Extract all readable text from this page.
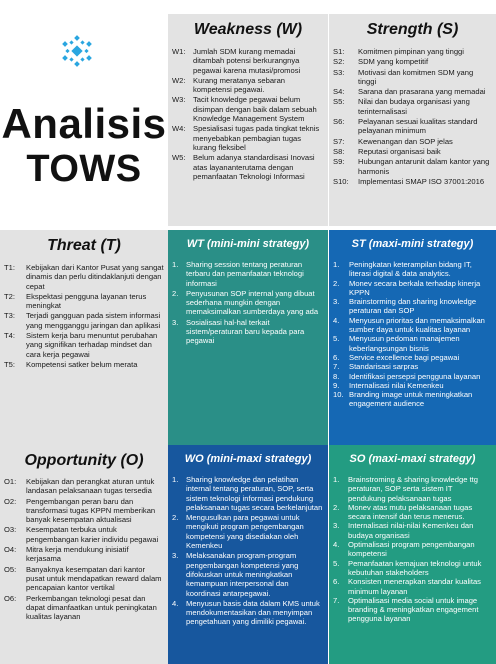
Analisis
TOWS
Weakness (W)
W1: Jumlah SDM kurang memadai ditambah potensi berkurangnya pegawai karena mutasi/promosi
W2: Kurang meratanya sebaran kompetensi pegawai.
W3: Tacit knowledge pegawai belum disimpan dengan baik dalam sebuah Knowledge Management System
W4: Spesialisasi tugas pada tingkat teknis menyebabkan pembagian tugas kurang fleksibel
W5: Belum adanya standardisasi Inovasi atas layananterutama dengan pemanfaatan Teknologi Informasi
Strength (S)
S1:	Komitmen pimpinan yang tinggi
S2:	SDM yang kompetitif
S3:	Motivasi dan komitmen SDM yang tinggi
S4:	Sarana dan prasarana yang memadai
S5:	Nilai dan budaya organisasi yang terinternalisasi
S6:	Pelayanan sesuai kualitas standard pelayanan minimum
S7:	Kewenangan dan SOP jelas
S8:	Reputasi organisasi baik
S9:	Hubungan antarunit dalam kantor yang harmonis
S10:	Implementasi SMAP ISO 37001:2016
Threat (T)
T1:	Kebijakan dari Kantor Pusat yang sangat dinamis dan perlu ditindaklanjuti dengan cepat
T2:	Ekspektasi pengguna layanan terus meningkat
T3:	Terjadi gangguan pada sistem informasi yang mengganggu jaringan dan aplikasi
T4:	Sistem kerja baru menuntut perubahan yang signifikan terhadap mindset dan cara kerja pegawai
T5:	Kompetensi satker belum merata
WT (mini-mini strategy)
1.	Sharing session tentang peraturan terbaru dan pemanfaatan teknologi informasi
2.	Penyusunan SOP internal yang dibuat sederhana mungkin dengan memaksimalkan sumberdaya yang ada
3.	Sosialisasi hal-hal terkait sistem/peraturan baru kepada para pegawai
ST (maxi-mini strategy)
1.	Peningkatan keterampilan bidang IT, literasi digital & data analytics.
2.	Monev secara berkala terhadap kinerja KPPN
3.	Brainstorming dan sharing knowledge peraturan dan SOP
4.	Menyusun prioritas dan memaksimalkan sumber daya untuk kualitas layanan
5.	Menyusun pedoman manajemen keberlangsungan bisnis
6.	Service excellence bagi pegawai
7.	Standarisasi sarpras
8.	Identifikasi persepsi pengguna layanan
9.	Internalisasi nilai Kemenkeu
10. Branding image untuk meningkatkan engagement audience
Opportunity (O)
O1:	Kebijakan dan perangkat aturan untuk landasan pelaksanaan tugas tersedia
O2:	Pengembangan peran baru dan transformasi tugas KPPN memberikan banyak kesempatan aktualisasi
O3:	Kesempatan terbuka untuk pengembangan karier individu pegawai
O4:	Mitra kerja mendukung inisiatif kerjasama
O5:	Banyaknya kesempatan dari kantor pusat untuk mendapatkan reward dalam pencapaian kantor vertikal
O6:	Perkembangan teknologi pesat dan dapat dimanfaatkan untuk peningkatan kualitas layanan
WO (mini-maxi strategy)
1.	Sharing knowledge dan pelatihan internal tentang peraturan, SOP, serta sistem teknologi informasi pendukung pelaksanaan tugas secara berkelanjutan
2.	Mengusulkan para pegawai untuk mengikuti program pengembangan kompetensi yang disediakan oleh Kemenkeu
3.	Melaksanakan program-program pengembangan kompetensi yang difokuskan untuk meningkatkan kemampuan interpersonal dan koordinasi antarpegawai.
4.	Menyusun basis data dalam KMS untuk mendokumentasikan dan menyimpan pengetahuan yang dimiliki pegawai.
SO (maxi-maxi strategy)
1.	Brainstroming & sharing knowledge ttg peraturan, SOP serta sistem IT pendukung pelaksanaan tugas
2.	Monev atas mutu pelaksanaan tugas secara intensif dan terus menerus.
3.	Internalisasi nilai-nilai Kemenkeu dan budaya organisasi
4.	Optimalisasi program pengembangan kompetensi
5.	Pemanfaatan kemajuan teknologi untuk kebutuhan stakeholders
6.	Konsisten menerapkan standar kualitas minimum layanan
7.	Optimalisasi media social untuk image branding & meningkatkan engagement pengguna layanan
